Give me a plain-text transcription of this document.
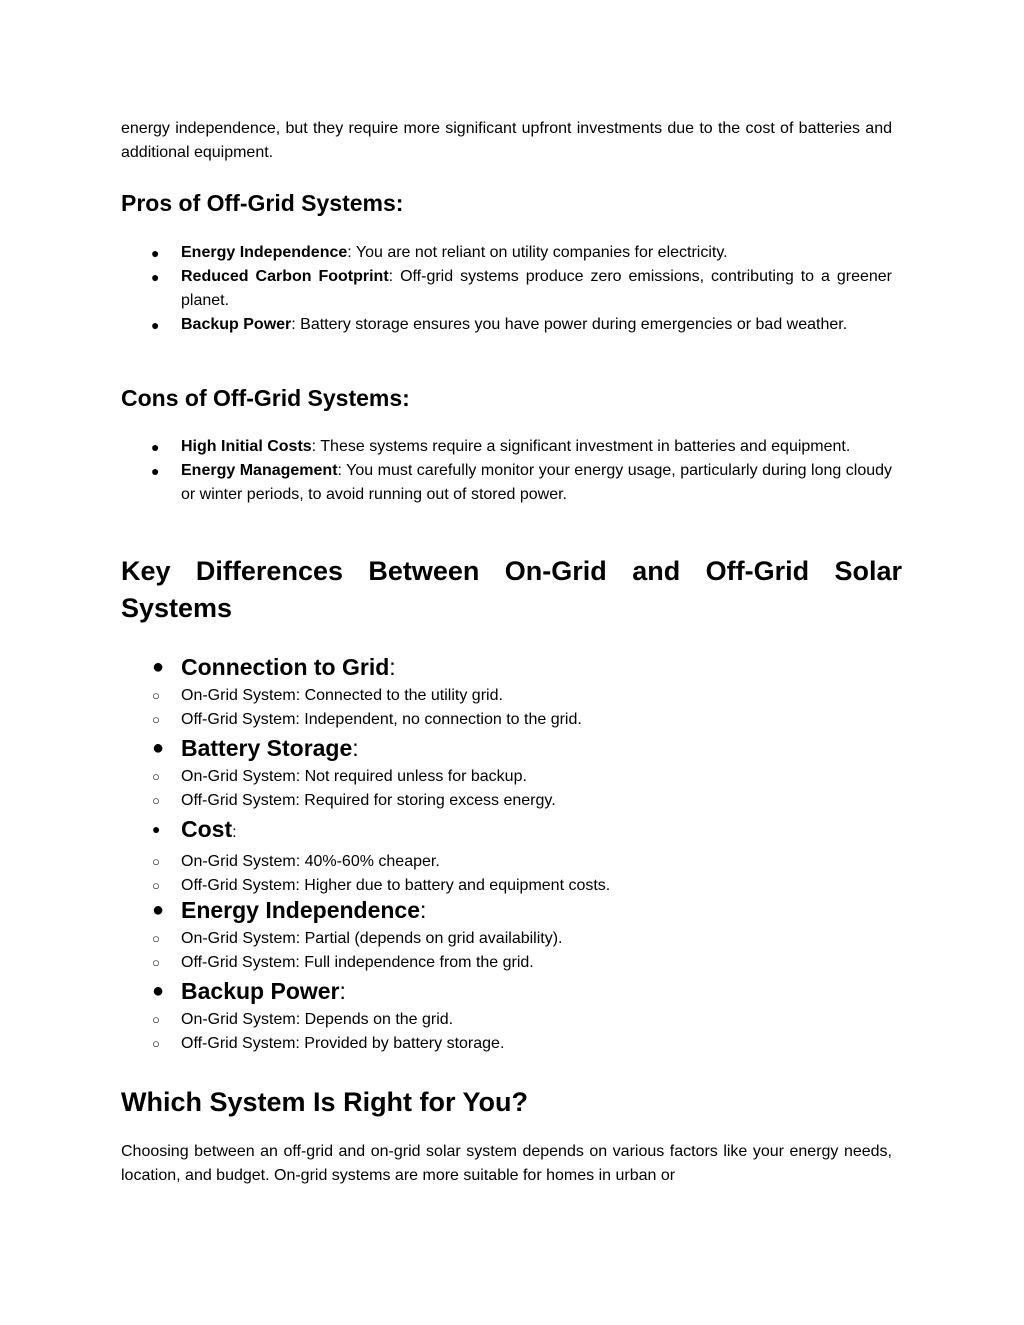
energy independence, but they require more significant upfront investments due to the cost of batteries and additional equipment.

Pros of Off-Grid Systems:
● Energy Independence: You are not reliant on utility companies for electricity.
● Reduced Carbon Footprint: Off-grid systems produce zero emissions, contributing to a greener planet.
● Backup Power: Battery storage ensures you have power during emergencies or bad weather.
Cons of Off-Grid Systems:
● High Initial Costs: These systems require a significant investment in batteries and equipment.
● Energy Management: You must carefully monitor your energy usage, particularly during long cloudy or winter periods, to avoid running out of stored power.
Key Differences Between On-Grid and Off-Grid Solar Systems
● Connection to Grid:
○ On-Grid System: Connected to the utility grid.
○ Off-Grid System: Independent, no connection to the grid.
● Battery Storage:
○ On-Grid System: Not required unless for backup.
○ Off-Grid System: Required for storing excess energy.
● Cost:
○ On-Grid System: 40%-60% cheaper.
○ Off-Grid System: Higher due to battery and equipment costs.
● Energy Independence:
○ On-Grid System: Partial (depends on grid availability).
○ Off-Grid System: Full independence from the grid.
● Backup Power:
○ On-Grid System: Depends on the grid.
○ Off-Grid System: Provided by battery storage.
Which System Is Right for You?

Choosing between an off-grid and on-grid solar system depends on various factors like your energy needs, location, and budget. On-grid systems are more suitable for homes in urban or
